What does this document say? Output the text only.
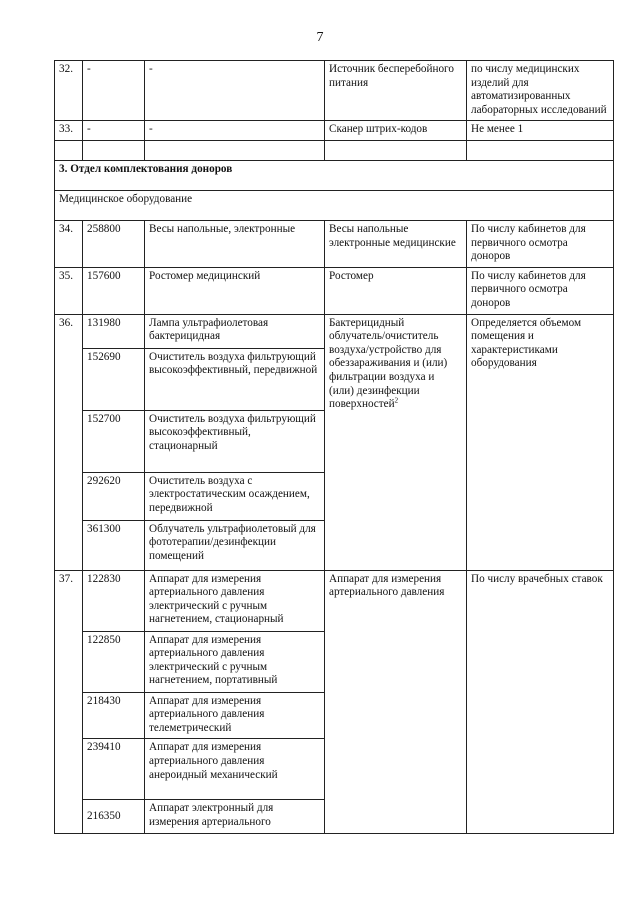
7
32.	-	-	Источник бесперебойного питания	по числу медицинских изделий для автоматизированных лабораторных исследований
33.	-	-	Сканер штрих-кодов	Не менее 1

3. Отдел комплектования доноров				
Медицинское оборудование				
34.	258800	Весы напольные, электронные	Весы напольные электронные медицинские	По числу кабинетов для первичного осмотра доноров
35.	157600	Ростомер медицинский	Ростомер	По числу кабинетов для первичного осмотра доноров
36.	131980	Лампа ультрафиолетовая бактерицидная	Бактерицидный облучатель/очиститель воздуха/устройство для обеззараживания и (или) фильтрации воздуха и (или) дезинфекции поверхностей$^2$	Определяется объемом помещения и характеристиками оборудования
	152690	Очиститель воздуха фильтрующий высокоэффективный, передвижной		
	152700	Очиститель воздуха фильтрующий высокоэффективный, стационарный		
	292620	Очиститель воздуха с электростатическим осаждением, передвижной		
	361300	Облучатель ультрафиолетовый для фототерапии/дезинфекции помещений		
37.	122830	Аппарат для измерения артериального давления электрический с ручным нагнетением, стационарный	Аппарат для измерения артериального давления	По числу врачебных ставок
	122850	Аппарат для измерения артериального давления электрический с ручным нагнетением, портативный		
	218430	Аппарат для измерения артериального давления телеметрический		
	239410	Аппарат для измерения артериального давления анероидный механический		
	216350	Аппарат электронный для измерения артериального		
